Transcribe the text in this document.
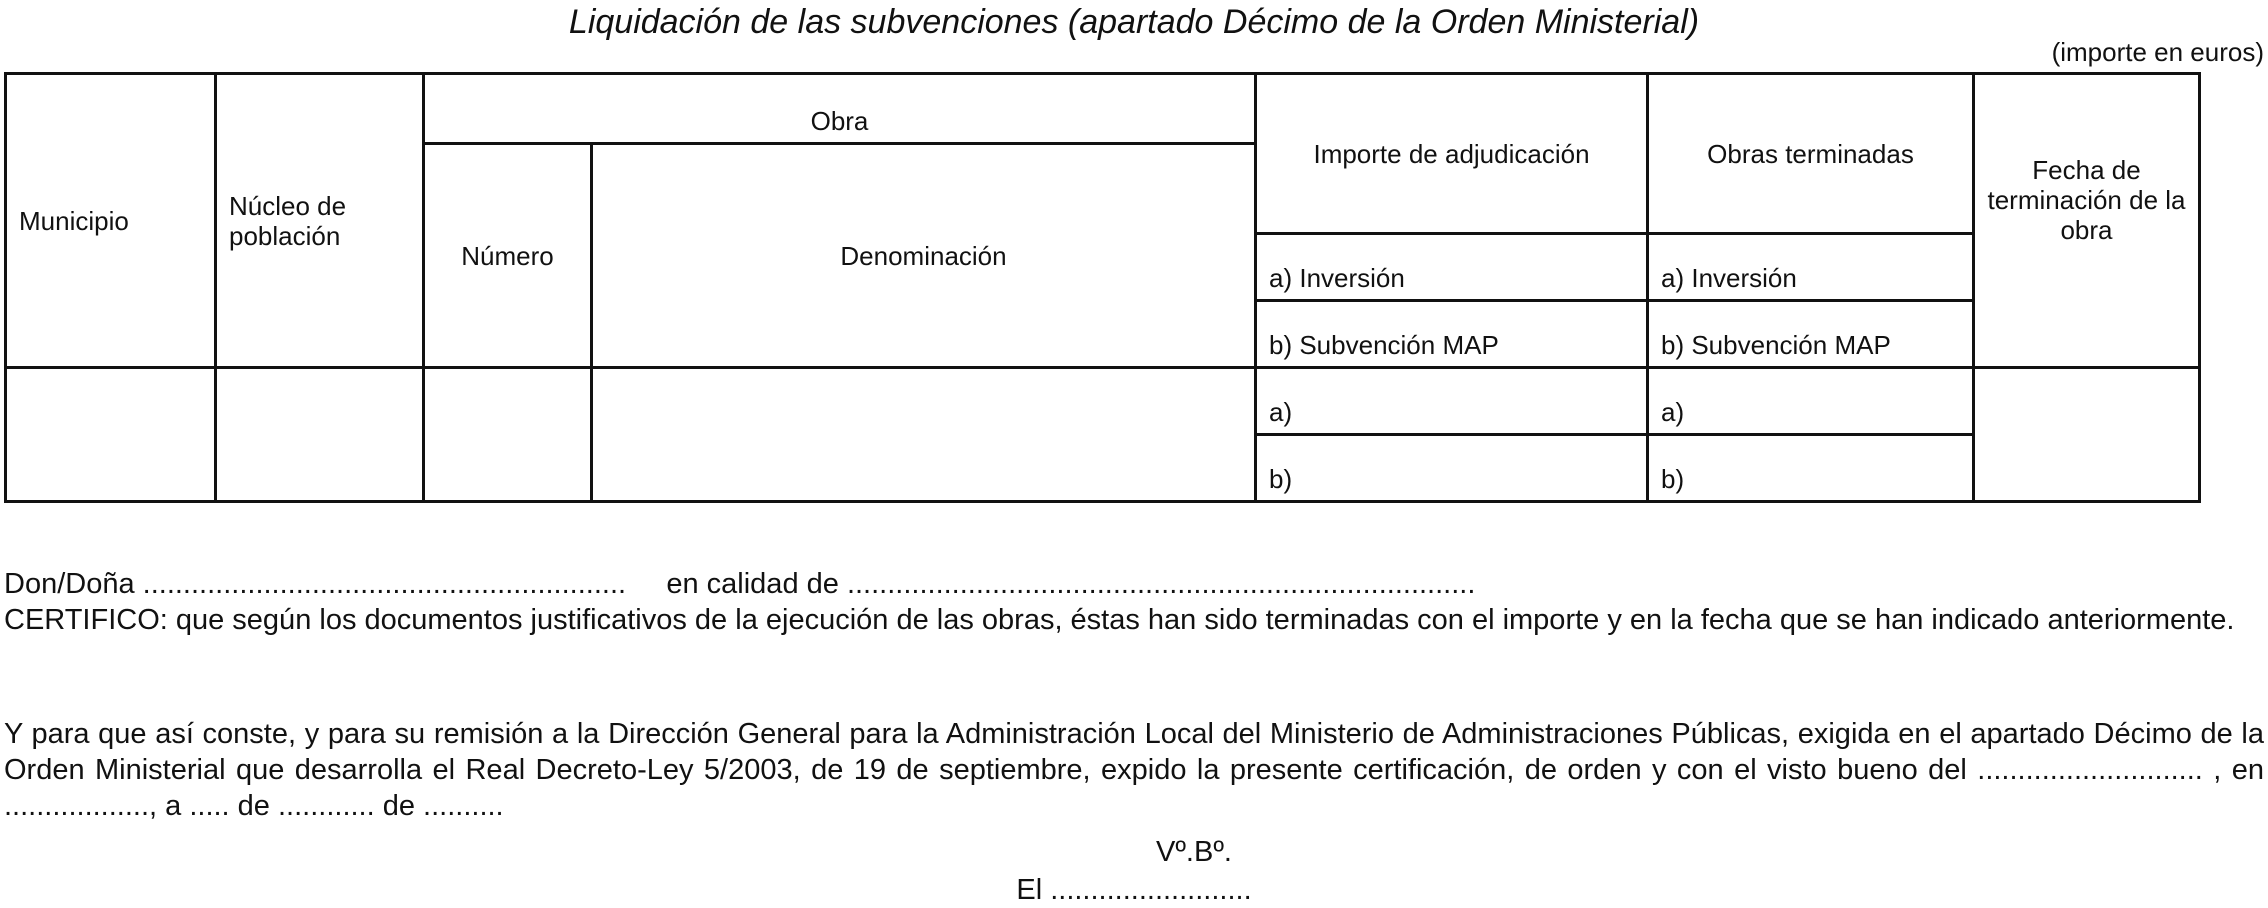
Liquidación de las subvenciones (apartado Décimo de la Orden Ministerial)
(importe en euros)
Municipio	Núcleo de población	Obra		Importe de adjudicación	Obras terminadas	Fecha de terminación de la obra
		Número	Denominación			
				a) Inversión	a) Inversión	
				b) Subvención MAP	b) Subvención MAP	
				a)	a)	
				b)	b)	
Don/Doña ............................................................     en calidad de ..............................................................................
CERTIFICO: que según los documentos justificativos de la ejecución de las obras, éstas han sido terminadas con el importe y en la fecha que se han indicado anteriormente.
Y para que así conste, y para su remisión a la Dirección General para la Administración Local del Ministerio de Administraciones Públicas, exigida en el apartado Décimo de la Orden Ministerial que desarrolla el Real Decreto-Ley 5/2003, de 19 de septiembre, expido la presente certificación, de orden y con el visto bueno del ............................ , en .................., a ..... de ............ de ..........
Vº.Bº.
El .........................
